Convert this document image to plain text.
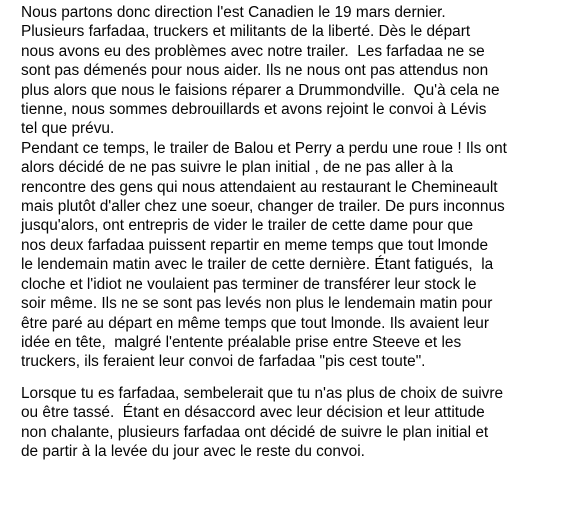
Nous partons donc direction l'est Canadien le 19 mars dernier.
Plusieurs farfadaa, truckers et militants de la liberté. Dès le départ
nous avons eu des problèmes avec notre trailer.  Les farfadaa ne se
sont pas démenés pour nous aider. Ils ne nous ont pas attendus non
plus alors que nous le faisions réparer a Drummondville.  Qu'à cela ne
tienne, nous sommes debrouillards et avons rejoint le convoi à Lévis
tel que prévu.
Pendant ce temps, le trailer de Balou et Perry a perdu une roue ! Ils ont
alors décidé de ne pas suivre le plan initial , de ne pas aller à la
rencontre des gens qui nous attendaient au restaurant le Chemineault
mais plutôt d'aller chez une soeur, changer de trailer. De purs inconnus
jusqu'alors, ont entrepris de vider le trailer de cette dame pour que
nos deux farfadaa puissent repartir en meme temps que tout lmonde
le lendemain matin avec le trailer de cette dernière. Étant fatigués,  la
cloche et l'idiot ne voulaient pas terminer de transférer leur stock le
soir même. Ils ne se sont pas levés non plus le lendemain matin pour
être paré au départ en même temps que tout lmonde. Ils avaient leur
idée en tête,  malgré l'entente préalable prise entre Steeve et les
truckers, ils feraient leur convoi de farfadaa "pis cest toute".

Lorsque tu es farfadaa, sembelerait que tu n'as plus de choix de suivre
ou être tassé.  Étant en désaccord avec leur décision et leur attitude
non chalante, plusieurs farfadaa ont décidé de suivre le plan initial et
de partir à la levée du jour avec le reste du convoi.
